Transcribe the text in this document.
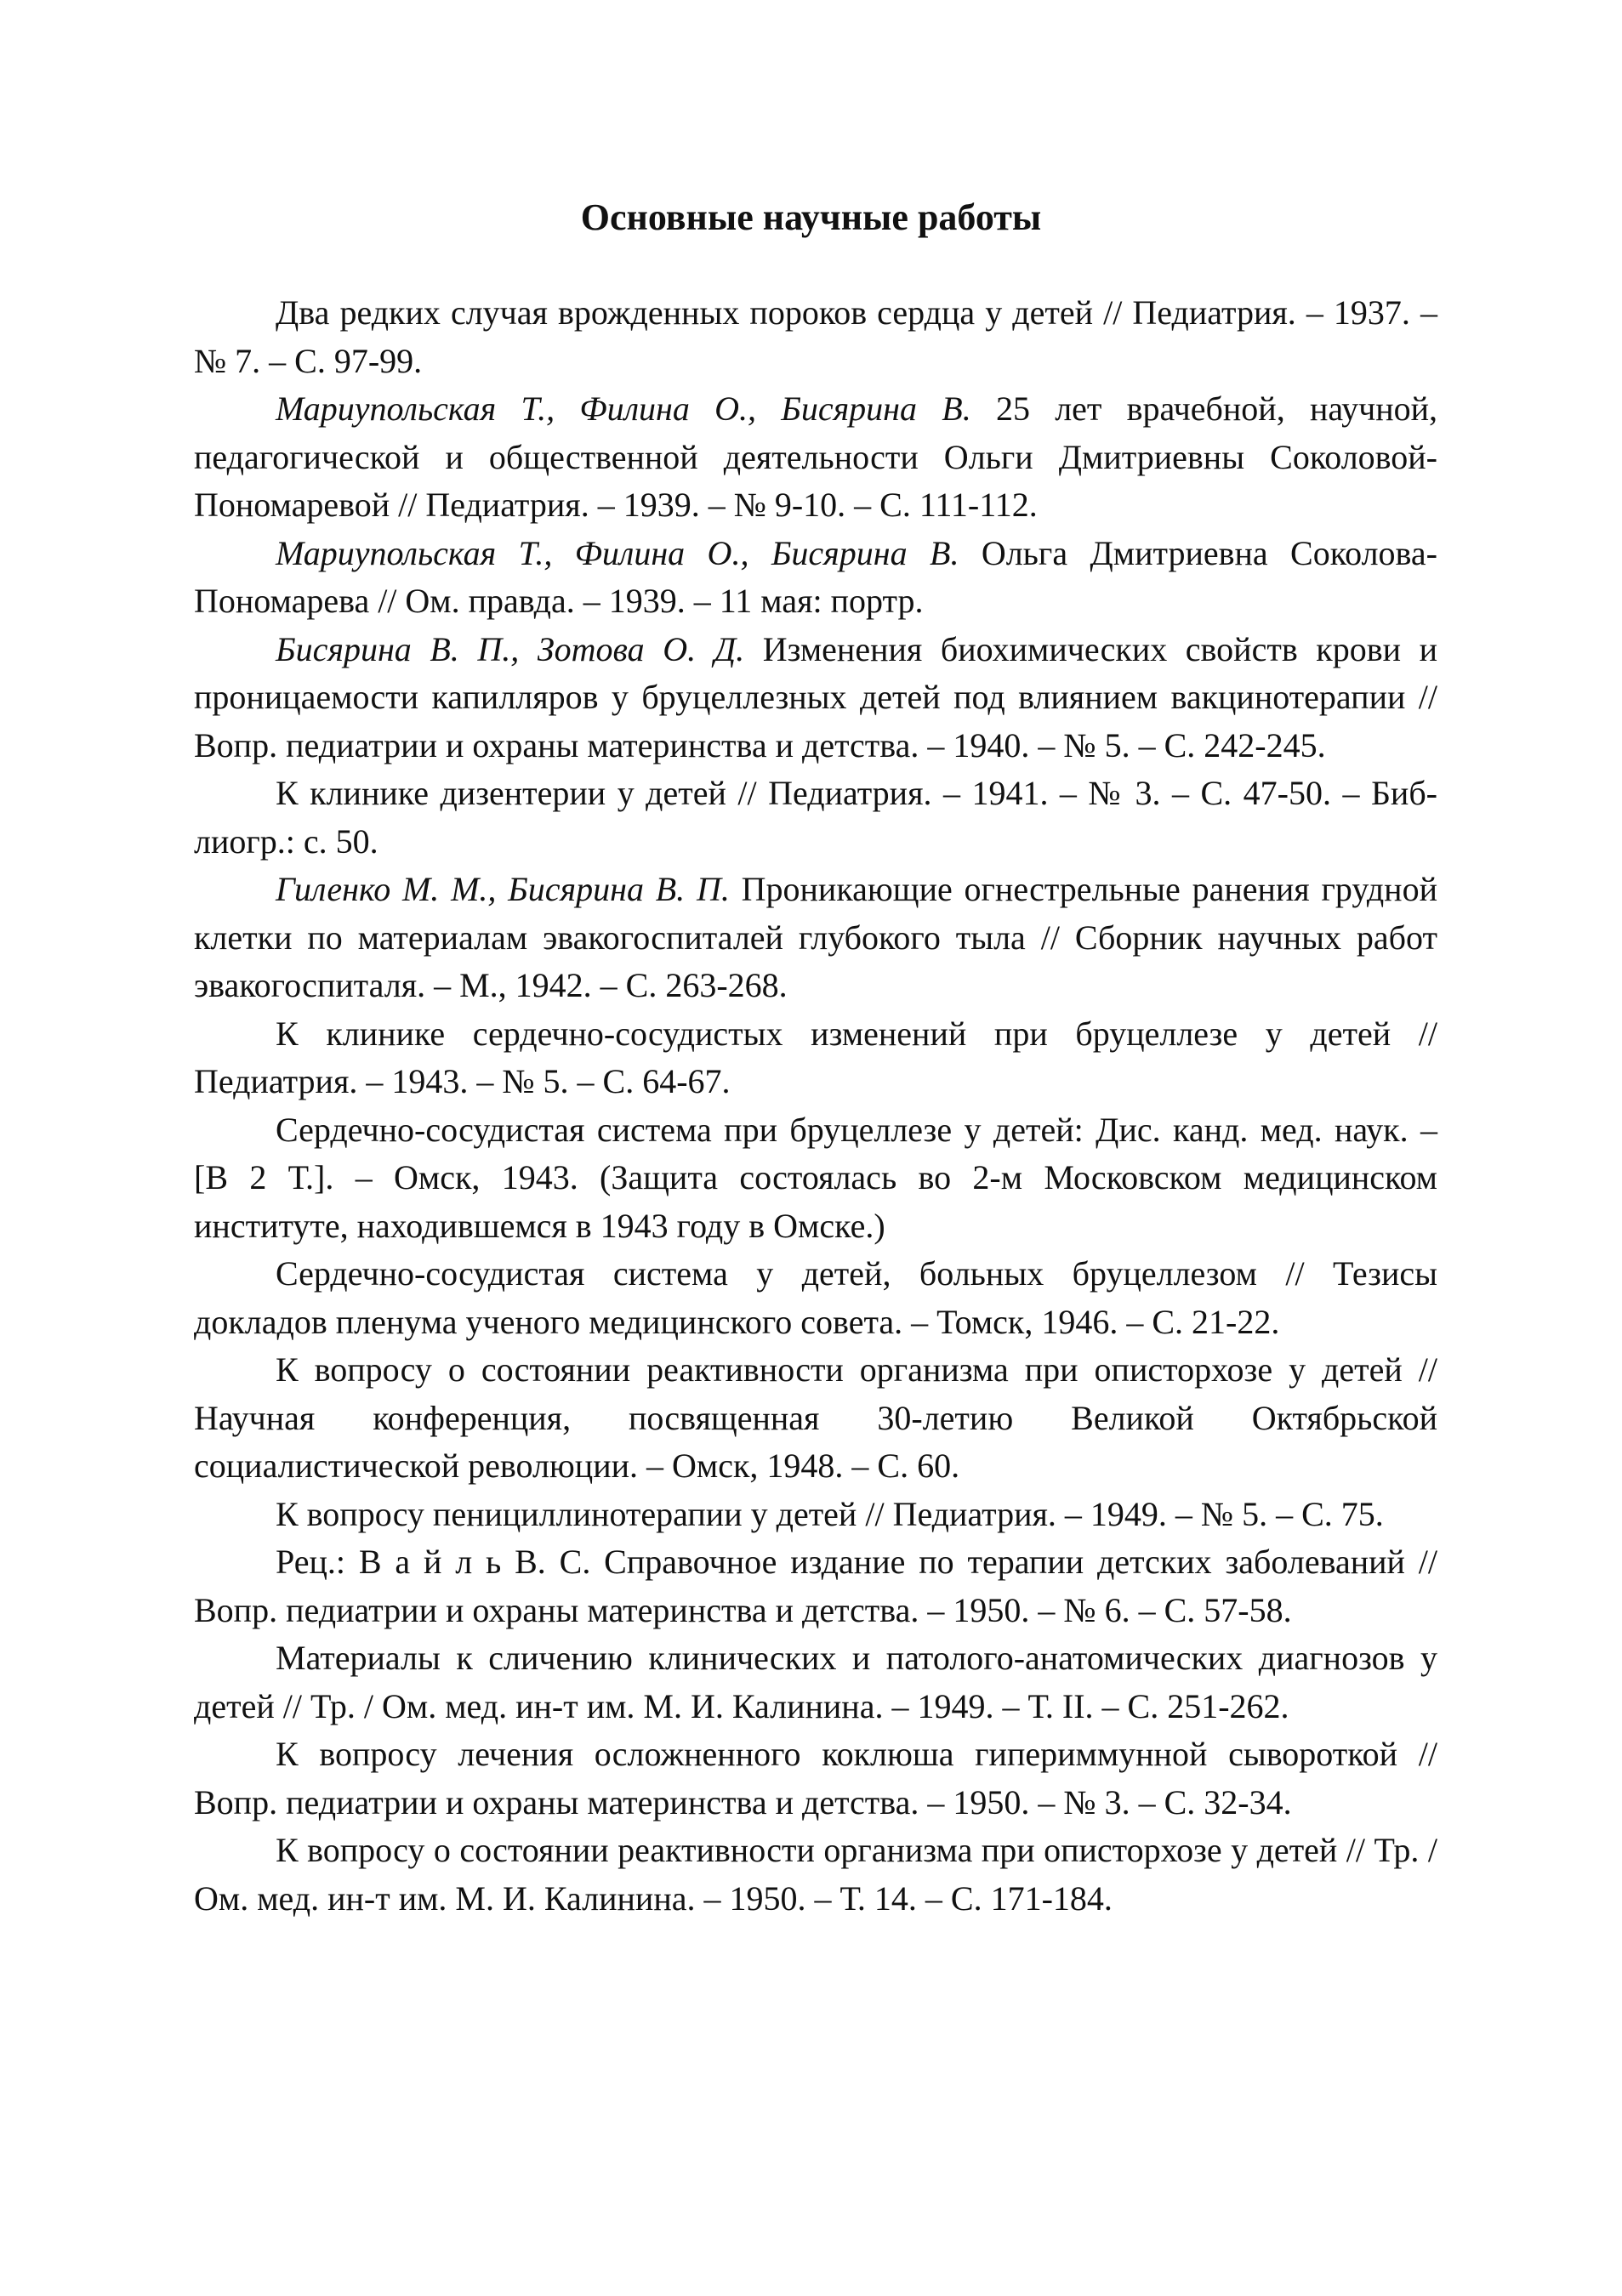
Основные научные работы

Два редких случая врожденных пороков сердца у детей // Педиатрия. – 1937. – № 7. – С. 97-99.

Мариупольская Т., Филина О., Бисярина В. 25 лет врачебной, научной, педагогической и общественной деятельности Ольги Дмитриевны Соколовой-Пономаревой // Педиатрия. – 1939. – № 9-10. – С. 111-112.

Мариупольская Т., Филина О., Бисярина В. Ольга Дмитриевна Соколова-Пономарева // Ом. правда. – 1939. – 11 мая: портр.

Бисярина В. П., Зотова О. Д. Изменения биохимических свойств крови и проницаемости капилляров у бруцеллезных детей под влиянием вакцинотерапии // Вопр. педиатрии и охраны материнства и детства. – 1940. – № 5. – С. 242-245.

К клинике дизентерии у детей // Педиатрия. – 1941. – № 3. – С. 47-50. – Биб-лиогр.: с. 50.

Гиленко М. М., Бисярина В. П. Проникающие огнестрельные ранения грудной клетки по материалам эвакогоспиталей глубокого тыла // Сборник научных работ эвакогоспиталя. – М., 1942. – С. 263-268.

К клинике сердечно-сосудистых изменений при бруцеллезе у детей // Педиатрия. – 1943. – № 5. – С. 64-67.

Сердечно-сосудистая система при бруцеллезе у детей: Дис. канд. мед. наук. – [В 2 Т.]. – Омск, 1943. (Защита состоялась во 2-м Московском медицинском институте, находившемся в 1943 году в Омске.)

Сердечно-сосудистая система у детей, больных бруцеллезом // Тезисы докладов пленума ученого медицинского совета. – Томск, 1946. – С. 21-22.

К вопросу о состоянии реактивности организма при описторхозе у детей // Научная конференция, посвященная 30-летию Великой Октябрьской социалистической революции. – Омск, 1948. – С. 60.

К вопросу пенициллинотерапии у детей // Педиатрия. – 1949. – № 5. – С. 75.

Рец.: В а й л ь В. С. Справочное издание по терапии детских заболеваний // Вопр. педиатрии и охраны материнства и детства. – 1950. – № 6. – С. 57-58.

Материалы к сличению клинических и патолого-анатомических диагнозов у детей // Тр. / Ом. мед. ин-т им. М. И. Калинина. – 1949. – Т. II. – С. 251-262.

К вопросу лечения осложненного коклюша гипериммунной сывороткой // Вопр. педиатрии и охраны материнства и детства. – 1950. – № 3. – С. 32-34.

К вопросу о состоянии реактивности организма при описторхозе у детей // Тр. / Ом. мед. ин-т им. М. И. Калинина. – 1950. – Т. 14. – С. 171-184.
